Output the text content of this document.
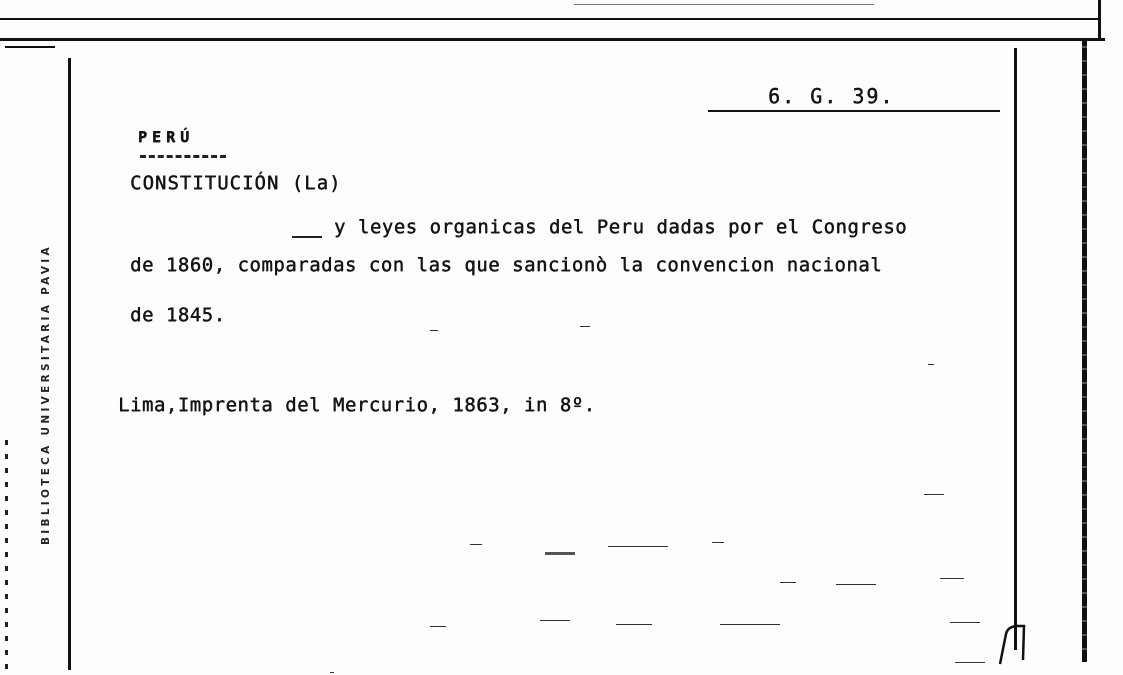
BIBLIOTECA UNIVERSITARIA PAVIA
6. G. 39.
PERÚ
CONSTITUCIÓN (La)
y leyes organicas del Peru dadas por el Congreso
de 1860, comparadas con las que sancionò la convencion nacional
de 1845.
Lima,Imprenta del Mercurio, 1863, in 8º.
